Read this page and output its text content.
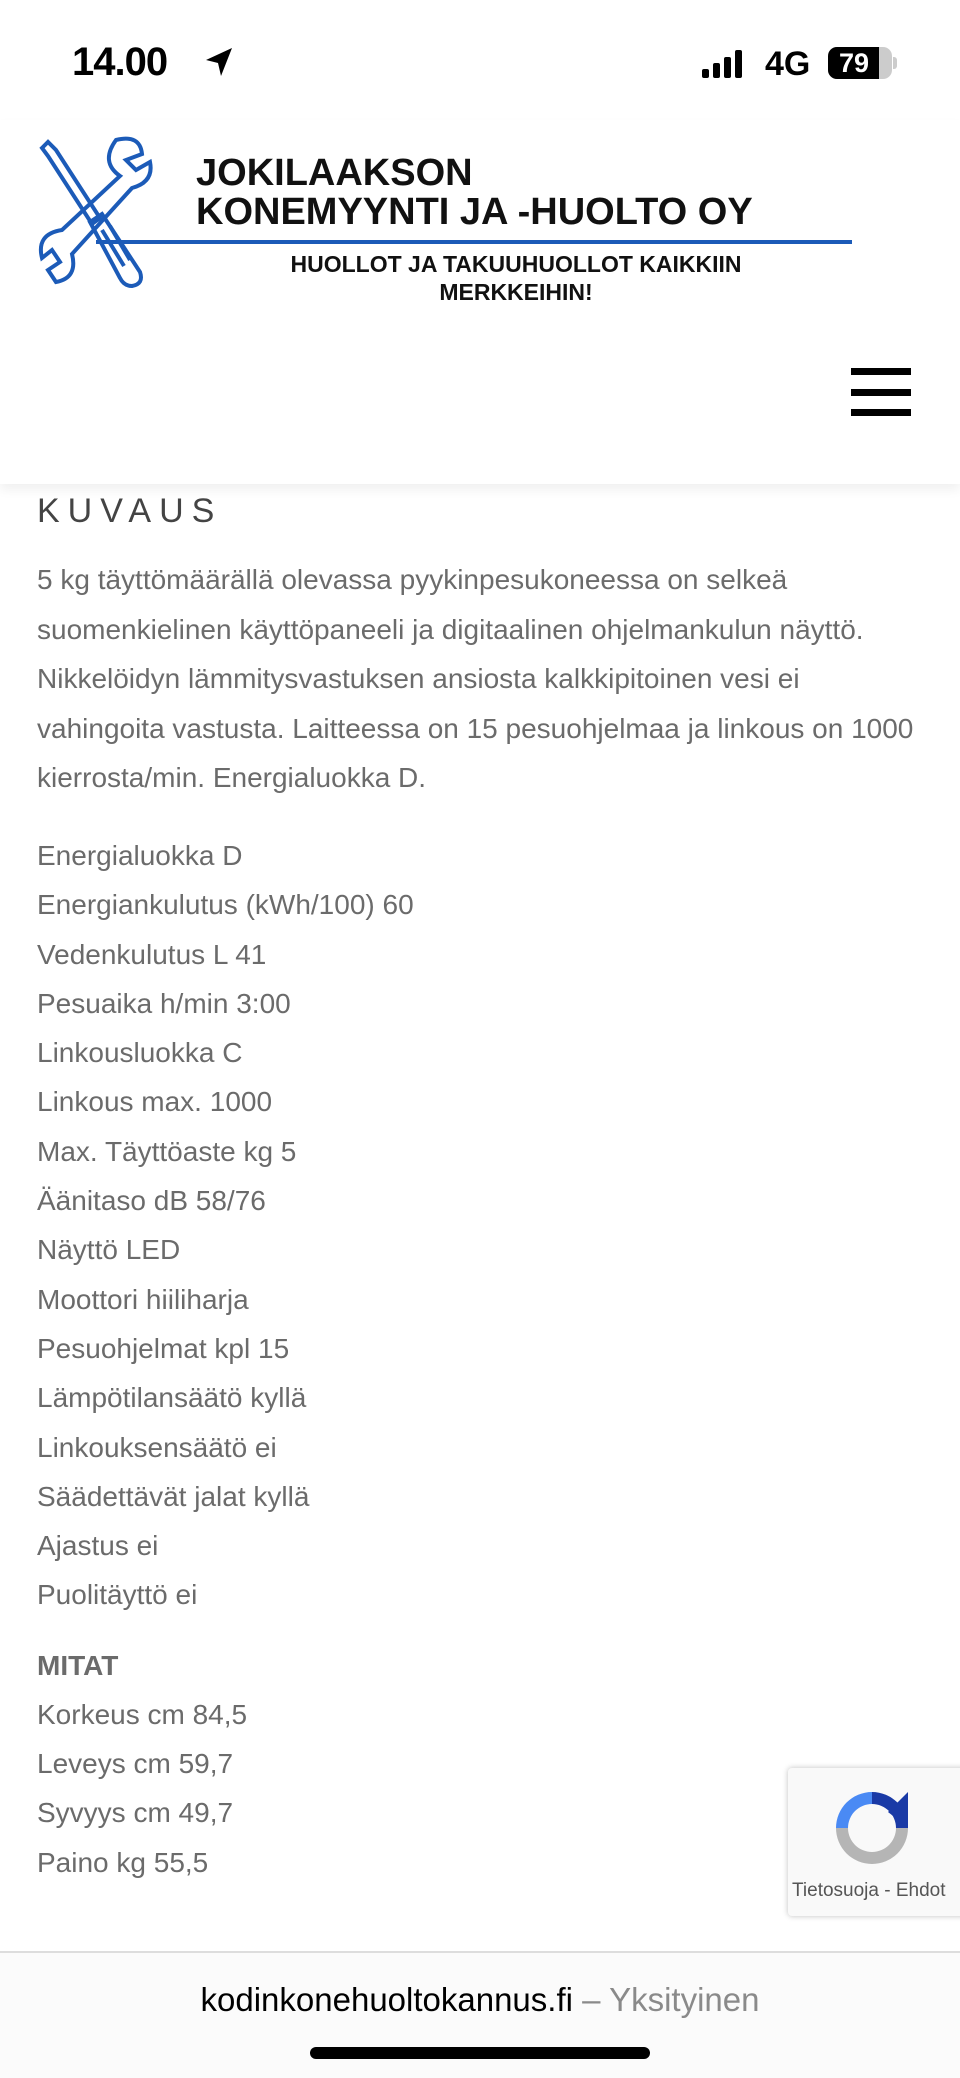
14.00	4G	79
JOKILAAKSON
KONEMYYNTI JA -HUOLTO OY
HUOLLOT JA TAKUUHUOLLOT KAIKKIIN MERKKEIHIN!
KUVAUS

5 kg täyttömäärällä olevassa pyykinpesukoneessa on selkeä suomenkielinen käyttöpaneeli ja digitaalinen ohjelmankulun näyttö. Nikkelöidyn lämmitysvastuksen ansiosta kalkkipitoinen vesi ei vahingoita vastusta. Laitteessa on 15 pesuohjelmaa ja linkous on 1000 kierrosta/min. Energialuokka D.

Energialuokka D
Energiankulutus (kWh/100) 60
Vedenkulutus L 41
Pesuaika h/min 3:00
Linkousluokka C
Linkous max. 1000
Max. Täyttöaste kg 5
Äänitaso dB 58/76
Näyttö LED
Moottori hiiliharja
Pesuohjelmat kpl 15
Lämpötilansäätö kyllä
Linkouksensäätö ei
Säädettävät jalat kyllä
Ajastus ei
Puolitäyttö ei
MITAT
Korkeus cm 84,5
Leveys cm 59,7
Syvyys cm 49,7
Paino kg 55,5
Tietosuoja - Ehdot
kodinkonehuoltokannus.fi – Yksityinen
